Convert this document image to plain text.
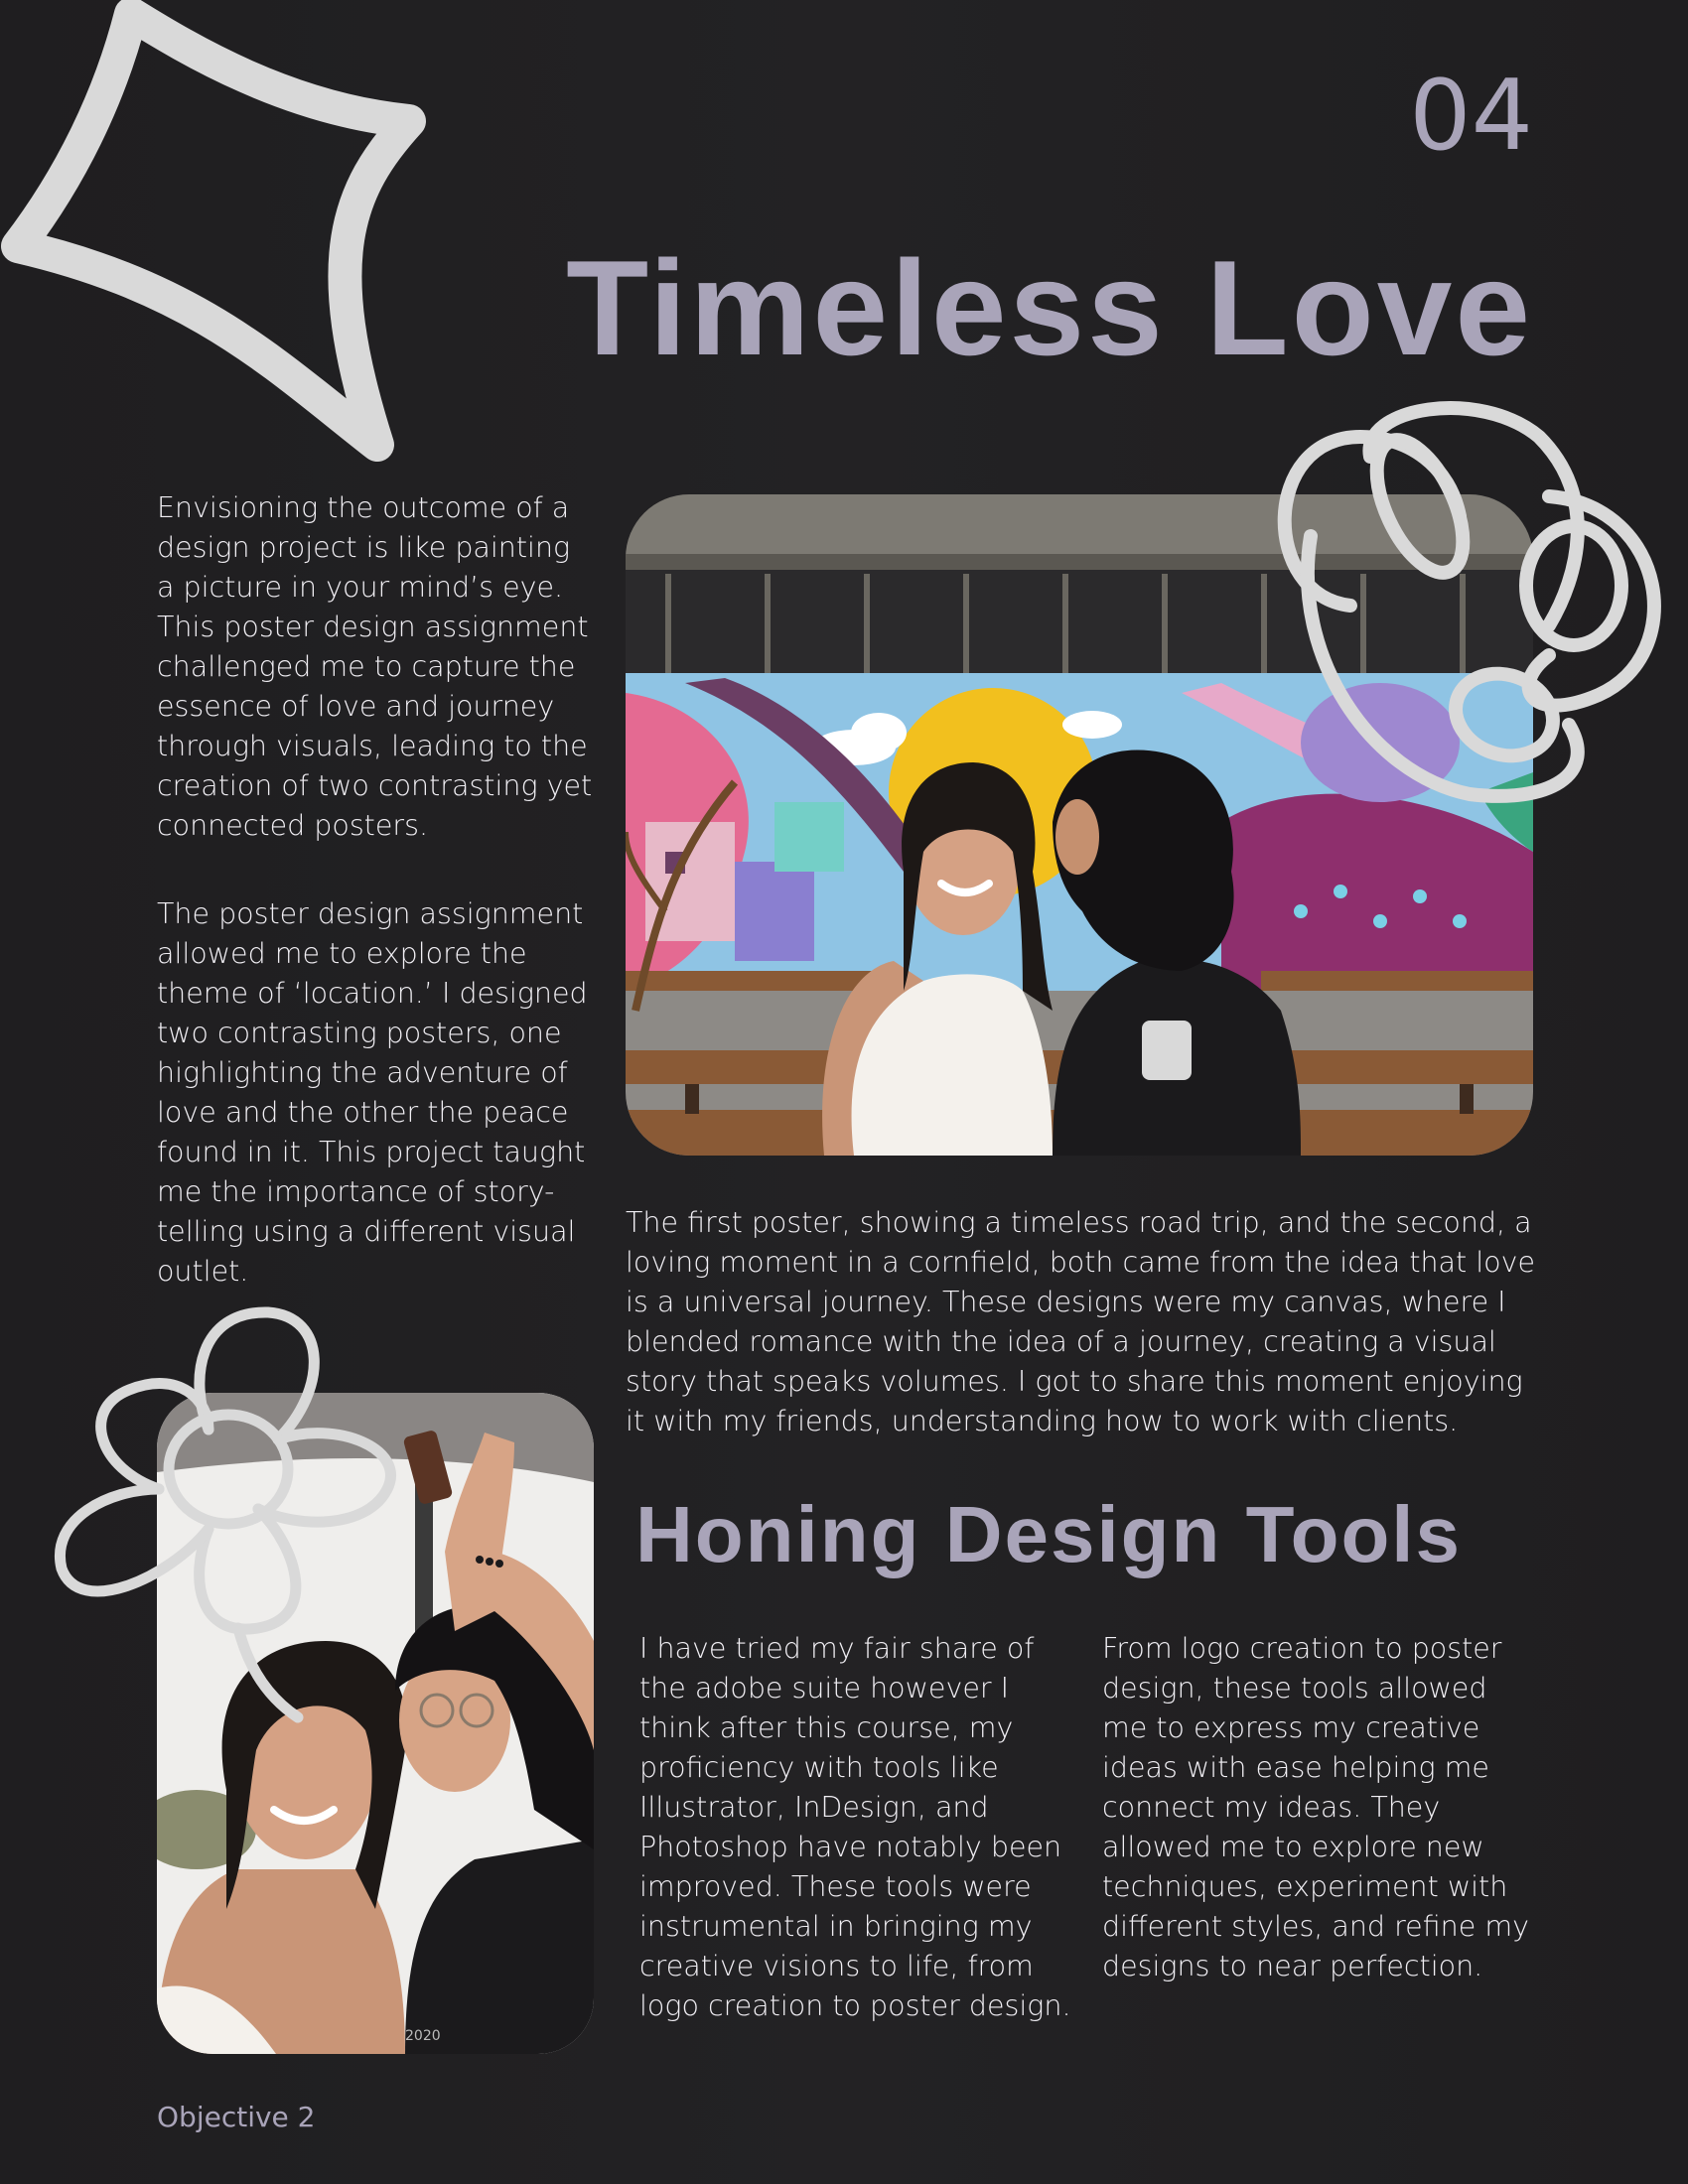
04
Timeless Love
Envisioning the outcome of a
design project is like painting
a picture in your mind’s eye.
This poster design assignment
challenged me to capture the
essence of love and journey
through visuals, leading to the
creation of two contrasting yet
connected posters.
The poster design assignment
allowed me to explore the
theme of ‘location.’ I designed
two contrasting posters, one
highlighting the adventure of
love and the other the peace
found in it. This project taught
me the importance of story-
telling using a different visual
outlet.
The first poster, showing a timeless road trip, and the second, a
loving moment in a cornfield, both came from the idea that love
is a universal journey. These designs were my canvas, where I
blended romance with the idea of a journey, creating a visual
story that speaks volumes. I got to share this moment enjoying
it with my friends, understanding how to work with clients.
2020
Honing Design Tools
I have tried my fair share of
the adobe suite however I
think after this course, my
proficiency with tools like
Illustrator, InDesign, and
Photoshop have notably been
improved. These tools were
instrumental in bringing my
creative visions to life, from
logo creation to poster design.
From logo creation to poster
design, these tools allowed
me to express my creative
ideas with ease helping me
connect my ideas. They
allowed me to explore new
techniques, experiment with
different styles, and refine my
designs to near perfection.
Objective 2
